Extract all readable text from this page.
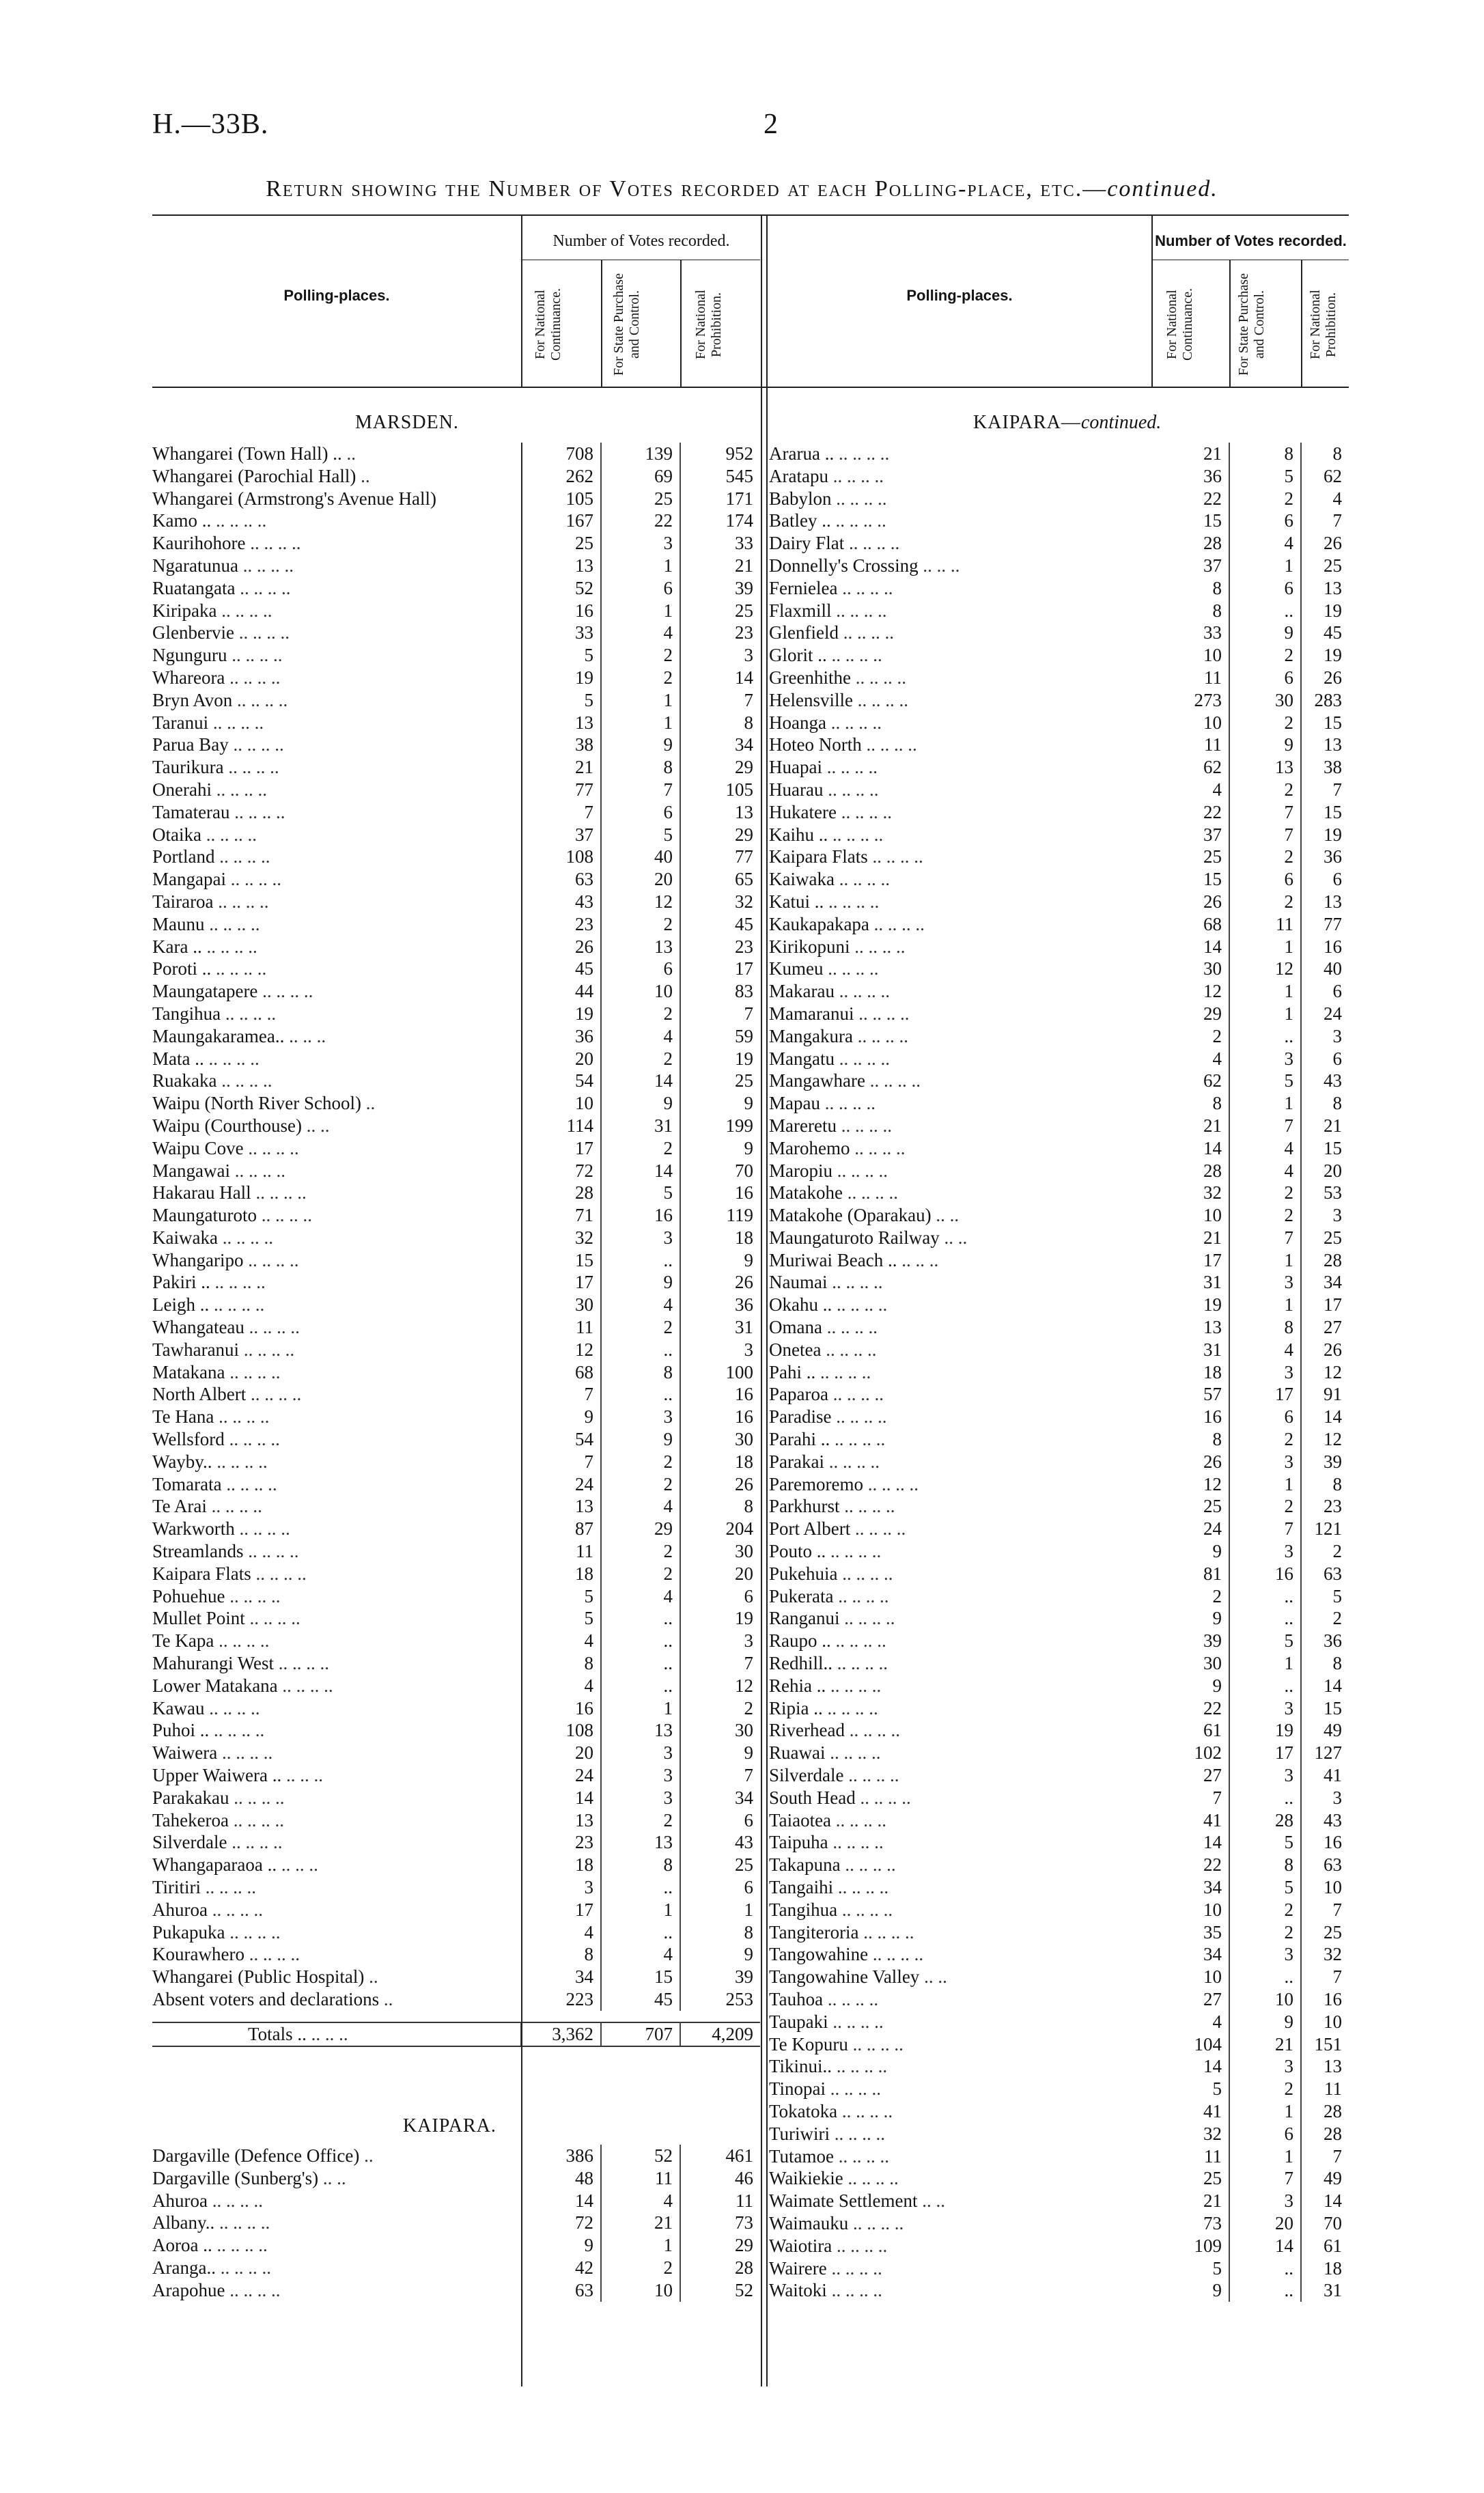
H.—33B.	2
Return showing the Number of Votes recorded at each Polling-place, etc.—continued.
Polling-places.
Number of Votes recorded.
For National Continuance.	For State Purchase and Control.	For National Prohibition.	Polling-places.
Number of Votes recorded.
For National Continuance.	For State Purchase and Control.	For National Prohibition.
MARSDEN.	KAIPARA—continued.
Whangarei (Town Hall) .. ..	708	139	952
Whangarei (Parochial Hall) ..	262	69	545
Whangarei (Armstrong's Avenue Hall)	105	25	171
Kamo .. .. .. .. ..	167	22	174
Kaurihohore .. .. .. ..	25	3	33
Ngaratunua .. .. .. ..	13	1	21
Ruatangata .. .. .. ..	52	6	39
Kiripaka .. .. .. ..	16	1	25
Glenbervie .. .. .. ..	33	4	23
Ngunguru .. .. .. ..	5	2	3
Whareora .. .. .. ..	19	2	14
Bryn Avon .. .. .. ..	5	1	7
Taranui .. .. .. ..	13	1	8
Parua Bay .. .. .. ..	38	9	34
Taurikura .. .. .. ..	21	8	29
Onerahi .. .. .. ..	77	7	105
Tamaterau .. .. .. ..	7	6	13
Otaika .. .. .. ..	37	5	29
Portland .. .. .. ..	108	40	77
Mangapai .. .. .. ..	63	20	65
Tairaroa .. .. .. ..	43	12	32
Maunu .. .. .. ..	23	2	45
Kara .. .. .. .. ..	26	13	23
Poroti .. .. .. .. ..	45	6	17
Maungatapere .. .. .. ..	44	10	83
Tangihua .. .. .. ..	19	2	7
Maungakaramea.. .. .. ..	36	4	59
Mata .. .. .. .. ..	20	2	19
Ruakaka .. .. .. ..	54	14	25
Waipu (North River School) ..	10	9	9
Waipu (Courthouse) .. ..	114	31	199
Waipu Cove .. .. .. ..	17	2	9
Mangawai .. .. .. ..	72	14	70
Hakarau Hall .. .. .. ..	28	5	16
Maungaturoto .. .. .. ..	71	16	119
Kaiwaka .. .. .. ..	32	3	18
Whangaripo .. .. .. ..	15	..	9
Pakiri .. .. .. .. ..	17	9	26
Leigh .. .. .. .. ..	30	4	36
Whangateau .. .. .. ..	11	2	31
Tawharanui .. .. .. ..	12	..	3
Matakana .. .. .. ..	68	8	100
North Albert .. .. .. ..	7	..	16
Te Hana .. .. .. ..	9	3	16
Wellsford .. .. .. ..	54	9	30
Wayby.. .. .. .. ..	7	2	18
Tomarata .. .. .. ..	24	2	26
Te Arai .. .. .. ..	13	4	8
Warkworth .. .. .. ..	87	29	204
Streamlands .. .. .. ..	11	2	30
Kaipara Flats .. .. .. ..	18	2	20
Pohuehue .. .. .. ..	5	4	6
Mullet Point .. .. .. ..	5	..	19
Te Kapa .. .. .. ..	4	..	3
Mahurangi West .. .. .. ..	8	..	7
Lower Matakana .. .. .. ..	4	..	12
Kawau .. .. .. ..	16	1	2
Puhoi .. .. .. .. ..	108	13	30
Waiwera .. .. .. ..	20	3	9
Upper Waiwera .. .. .. ..	24	3	7
Parakakau .. .. .. ..	14	3	34
Tahekeroa .. .. .. ..	13	2	6
Silverdale .. .. .. ..	23	13	43
Whangaparaoa .. .. .. ..	18	8	25
Tiritiri .. .. .. ..	3	..	6
Ahuroa .. .. .. ..	17	1	1
Pukapuka .. .. .. ..	4	..	8
Kourawhero .. .. .. ..	8	4	9
Whangarei (Public Hospital) ..	34	15	39
Absent voters and declarations ..	223	45	253
Totals .. .. .. ..	3,362	707	4,209
KAIPARA.
Dargaville (Defence Office) ..	386	52	461
Dargaville (Sunberg's) .. ..	48	11	46
Ahuroa .. .. .. ..	14	4	11
Albany.. .. .. .. ..	72	21	73
Aoroa .. .. .. .. ..	9	1	29
Aranga.. .. .. .. ..	42	2	28
Arapohue .. .. .. ..	63	10	52
Ararua .. .. .. .. ..	21	8	8
Aratapu .. .. .. ..	36	5	62
Babylon .. .. .. ..	22	2	4
Batley .. .. .. .. ..	15	6	7
Dairy Flat .. .. .. ..	28	4	26
Donnelly's Crossing .. .. ..	37	1	25
Fernielea .. .. .. ..	8	6	13
Flaxmill .. .. .. ..	8	..	19
Glenfield .. .. .. ..	33	9	45
Glorit .. .. .. .. ..	10	2	19
Greenhithe .. .. .. ..	11	6	26
Helensville .. .. .. ..	273	30	283
Hoanga .. .. .. ..	10	2	15
Hoteo North .. .. .. ..	11	9	13
Huapai .. .. .. ..	62	13	38
Huarau .. .. .. ..	4	2	7
Hukatere .. .. .. ..	22	7	15
Kaihu .. .. .. .. ..	37	7	19
Kaipara Flats .. .. .. ..	25	2	36
Kaiwaka .. .. .. ..	15	6	6
Katui .. .. .. .. ..	26	2	13
Kaukapakapa .. .. .. ..	68	11	77
Kirikopuni .. .. .. ..	14	1	16
Kumeu .. .. .. ..	30	12	40
Makarau .. .. .. ..	12	1	6
Mamaranui .. .. .. ..	29	1	24
Mangakura .. .. .. ..	2	..	3
Mangatu .. .. .. ..	4	3	6
Mangawhare .. .. .. ..	62	5	43
Mapau .. .. .. ..	8	1	8
Mareretu .. .. .. ..	21	7	21
Marohemo .. .. .. ..	14	4	15
Maropiu .. .. .. ..	28	4	20
Matakohe .. .. .. ..	32	2	53
Matakohe (Oparakau) .. ..	10	2	3
Maungaturoto Railway .. ..	21	7	25
Muriwai Beach .. .. .. ..	17	1	28
Naumai .. .. .. ..	31	3	34
Okahu .. .. .. .. ..	19	1	17
Omana .. .. .. ..	13	8	27
Onetea .. .. .. ..	31	4	26
Pahi .. .. .. .. ..	18	3	12
Paparoa .. .. .. ..	57	17	91
Paradise .. .. .. ..	16	6	14
Parahi .. .. .. .. ..	8	2	12
Parakai .. .. .. ..	26	3	39
Paremoremo .. .. .. ..	12	1	8
Parkhurst .. .. .. ..	25	2	23
Port Albert .. .. .. ..	24	7	121
Pouto .. .. .. .. ..	9	3	2
Pukehuia .. .. .. ..	81	16	63
Pukerata .. .. .. ..	2	..	5
Ranganui .. .. .. ..	9	..	2
Raupo .. .. .. .. ..	39	5	36
Redhill.. .. .. .. ..	30	1	8
Rehia .. .. .. .. ..	9	..	14
Ripia .. .. .. .. ..	22	3	15
Riverhead .. .. .. ..	61	19	49
Ruawai .. .. .. ..	102	17	127
Silverdale .. .. .. ..	27	3	41
South Head .. .. .. ..	7	..	3
Taiaotea .. .. .. ..	41	28	43
Taipuha .. .. .. ..	14	5	16
Takapuna .. .. .. ..	22	8	63
Tangaihi .. .. .. ..	34	5	10
Tangihua .. .. .. ..	10	2	7
Tangiteroria .. .. .. ..	35	2	25
Tangowahine .. .. .. ..	34	3	32
Tangowahine Valley .. ..	10	..	7
Tauhoa .. .. .. ..	27	10	16
Taupaki .. .. .. ..	4	9	10
Te Kopuru .. .. .. ..	104	21	151
Tikinui.. .. .. .. ..	14	3	13
Tinopai .. .. .. ..	5	2	11
Tokatoka .. .. .. ..	41	1	28
Turiwiri .. .. .. ..	32	6	28
Tutamoe .. .. .. ..	11	1	7
Waikiekie .. .. .. ..	25	7	49
Waimate Settlement .. ..	21	3	14
Waimauku .. .. .. ..	73	20	70
Waiotira .. .. .. ..	109	14	61
Wairere .. .. .. ..	5	..	18
Waitoki .. .. .. ..	9	..	31
